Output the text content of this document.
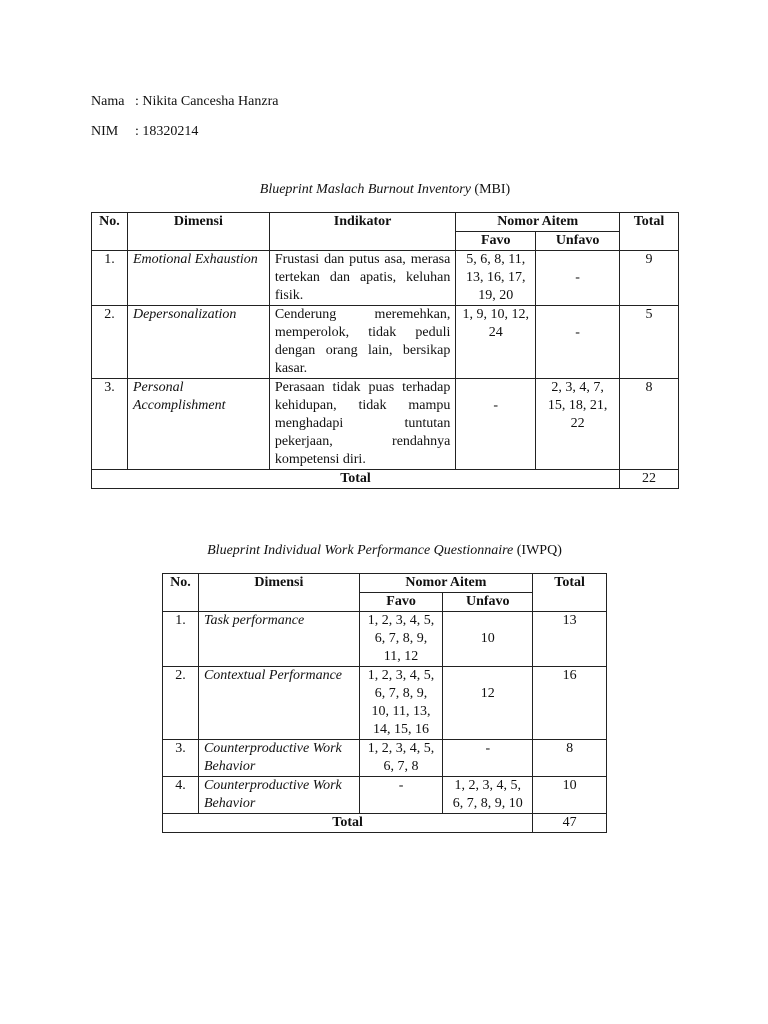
Nama : Nikita Cancesha Hanzra
NIM : 18320214
Blueprint Maslach Burnout Inventory (MBI)
No.	Dimensi	Indikator	Nomor Aitem		Total
			Favo	Unfavo	
1.	Emotional Exhaustion	Frustasi dan putus asa, merasa tertekan dan apatis, keluhan fisik.	5, 6, 8, 11, 13, 16, 17, 19, 20	-	9
2.	Depersonalization	Cenderung meremehkan, memperolok, tidak peduli dengan orang lain, bersikap kasar.	1, 9, 10, 12, 24	-	5
3.	Personal Accomplishment	Perasaan tidak puas terhadap kehidupan, tidak mampu menghadapi tuntutan pekerjaan, rendahnya kompetensi diri.	-	2, 3, 4, 7, 15, 18, 21, 22	8
Total					22
Blueprint Individual Work Performance Questionnaire (IWPQ)
No.	Dimensi	Nomor Aitem		Total
		Favo	Unfavo	
1.	Task performance	1, 2, 3, 4, 5, 6, 7, 8, 9, 11, 12	10	13
2.	Contextual Performance	1, 2, 3, 4, 5, 6, 7, 8, 9, 10, 11, 13, 14, 15, 16	12	16
3.	Counterproductive Work Behavior	1, 2, 3, 4, 5, 6, 7, 8	-	8
4.	Counterproductive Work Behavior	-	1, 2, 3, 4, 5, 6, 7, 8, 9, 10	10
Total				47
